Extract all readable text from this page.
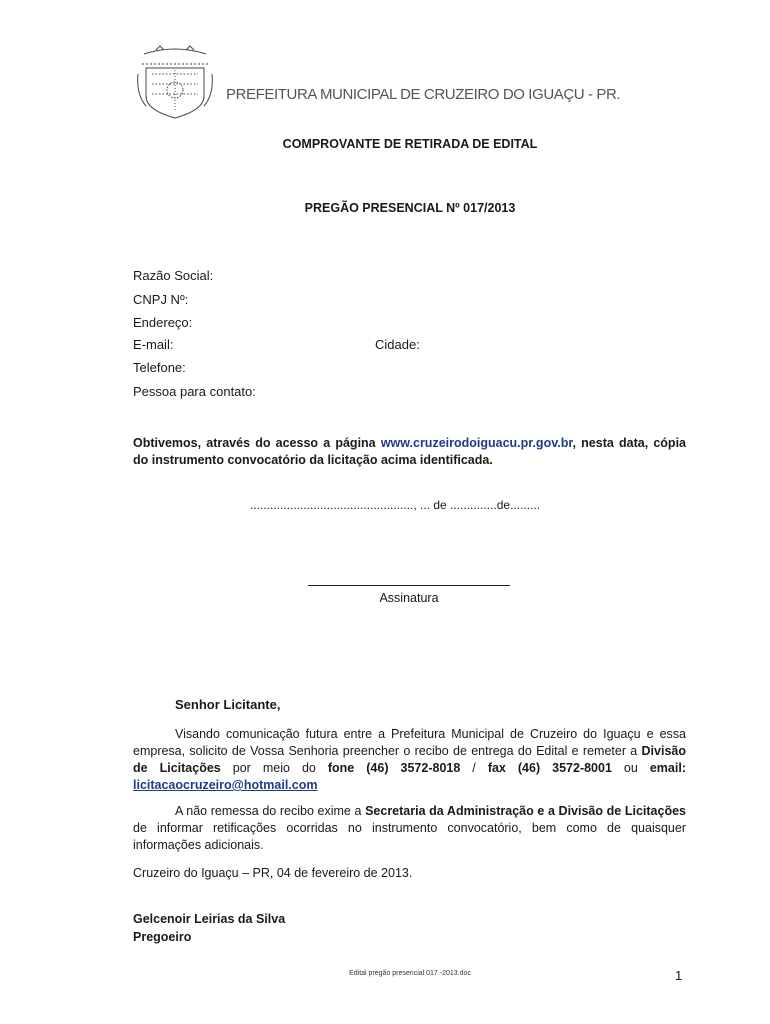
PREFEITURA MUNICIPAL DE CRUZEIRO DO IGUAÇU - PR.
COMPROVANTE DE RETIRADA DE EDITAL
PREGÃO PRESENCIAL Nº 017/2013
Razão Social:
CNPJ Nº:
Endereço:
E-mail:	Cidade:
Telefone:
Pessoa para contato:
Obtivemos, através do acesso a página www.cruzeirodoiguacu.pr.gov.br, nesta data, cópia do instrumento convocatório da licitação acima identificada.
................................................., ... de ..............de.........
Assinatura
Senhor Licitante,
Visando comunicação futura entre a Prefeitura Municipal de Cruzeiro do Iguaçu e essa empresa, solicito de Vossa Senhoria preencher o recibo de entrega do Edital e remeter a Divisão de Licitações por meio do fone (46) 3572-8018 / fax (46) 3572-8001 ou email: licitacaocruzeiro@hotmail.com
A não remessa do recibo exime a Secretaria da Administração e a Divisão de Licitações de informar retificações ocorridas no instrumento convocatório, bem como de quaisquer informações adicionais.
Cruzeiro do Iguaçu – PR, 04 de fevereiro de 2013.
Gelcenoir Leirias da Silva
Pregoeiro
Edital pregão presencial 017 -2013.doc	1
